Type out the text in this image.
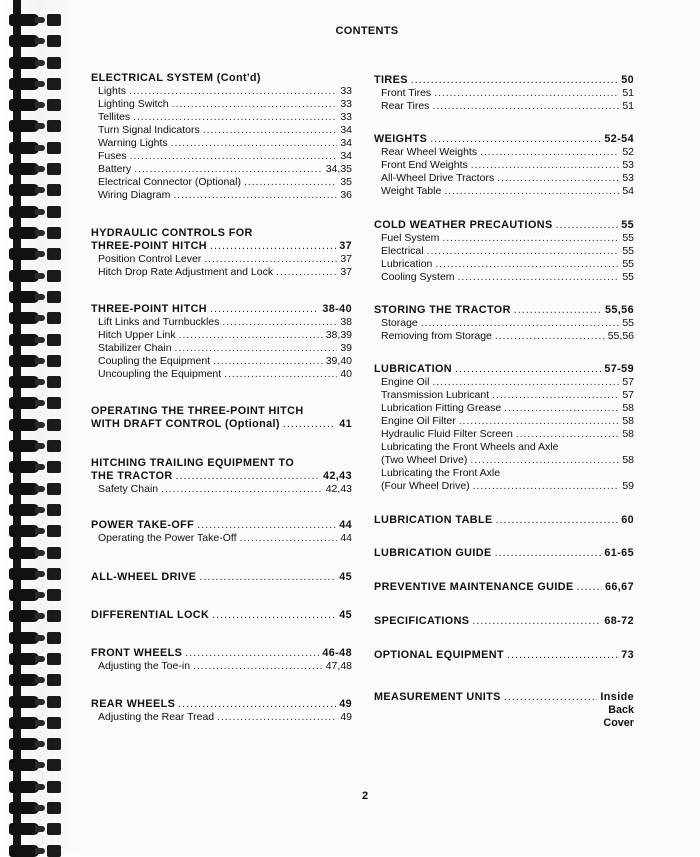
CONTENTS
ELECTRICAL SYSTEM (Cont'd)
Lights . . .	33
Lighting Switch . . .	33
Tellites . . .	33
Turn Signal Indicators . . .	34
Warning Lights . . .	34
Fuses . . .	34
Battery . . .	34,35
Electrical Connector (Optional) . . .	35
Wiring Diagram . . .	36
HYDRAULIC CONTROLS FOR
THREE-POINT HITCH . . .	37
Position Control Lever . . .	37
Hitch Drop Rate Adjustment and Lock . . .	37
THREE-POINT HITCH . . .	38-40
Lift Links and Turnbuckles . . .	38
Hitch Upper Link . . .	38,39
Stabilizer Chain . . .	39
Coupling the Equipment . . .	39,40
Uncoupling the Equipment . . .	40
OPERATING THE THREE-POINT HITCH
WITH DRAFT CONTROL (Optional) . . .	41
HITCHING TRAILING EQUIPMENT TO
THE TRACTOR . . .	42,43
Safety Chain . . .	42,43
POWER TAKE-OFF . . .	44
Operating the Power Take-Off . . .	44
ALL-WHEEL DRIVE . . .	45
DIFFERENTIAL LOCK . . .	45
FRONT WHEELS . . .	46-48
Adjusting the Toe-in . . .	47,48
REAR WHEELS . . .	49
Adjusting the Rear Tread . . .	49
TIRES . . .	50
Front Tires . . .	51
Rear Tires . . .	51
WEIGHTS . . .	52-54
Rear Wheel Weights . . .	52
Front End Weights . . .	53
All-Wheel Drive Tractors . . .	53
Weight Table . . .	54
COLD WEATHER PRECAUTIONS . . .	55
Fuel System . . .	55
Electrical . . .	55
Lubrication . . .	55
Cooling System . . .	55
STORING THE TRACTOR . . .	55,56
Storage . . .	55
Removing from Storage . . .	55,56
LUBRICATION . . .	57-59
Engine Oil . . .	57
Transmission Lubricant . . .	57
Lubrication Fitting Grease . . .	58
Engine Oil Filter . . .	58
Hydraulic Fluid Filter Screen . . .	58
Lubricating the Front Wheels and Axle
(Two Wheel Drive) . . .	58
Lubricating the Front Axle
(Four Wheel Drive) . . .	59
LUBRICATION TABLE . . .	60
LUBRICATION GUIDE . . .	61-65
PREVENTIVE MAINTENANCE GUIDE . . .	66,67
SPECIFICATIONS . . .	68-72
OPTIONAL EQUIPMENT . . .	73
MEASUREMENT UNITS . . .	Inside
Back
Cover
2
